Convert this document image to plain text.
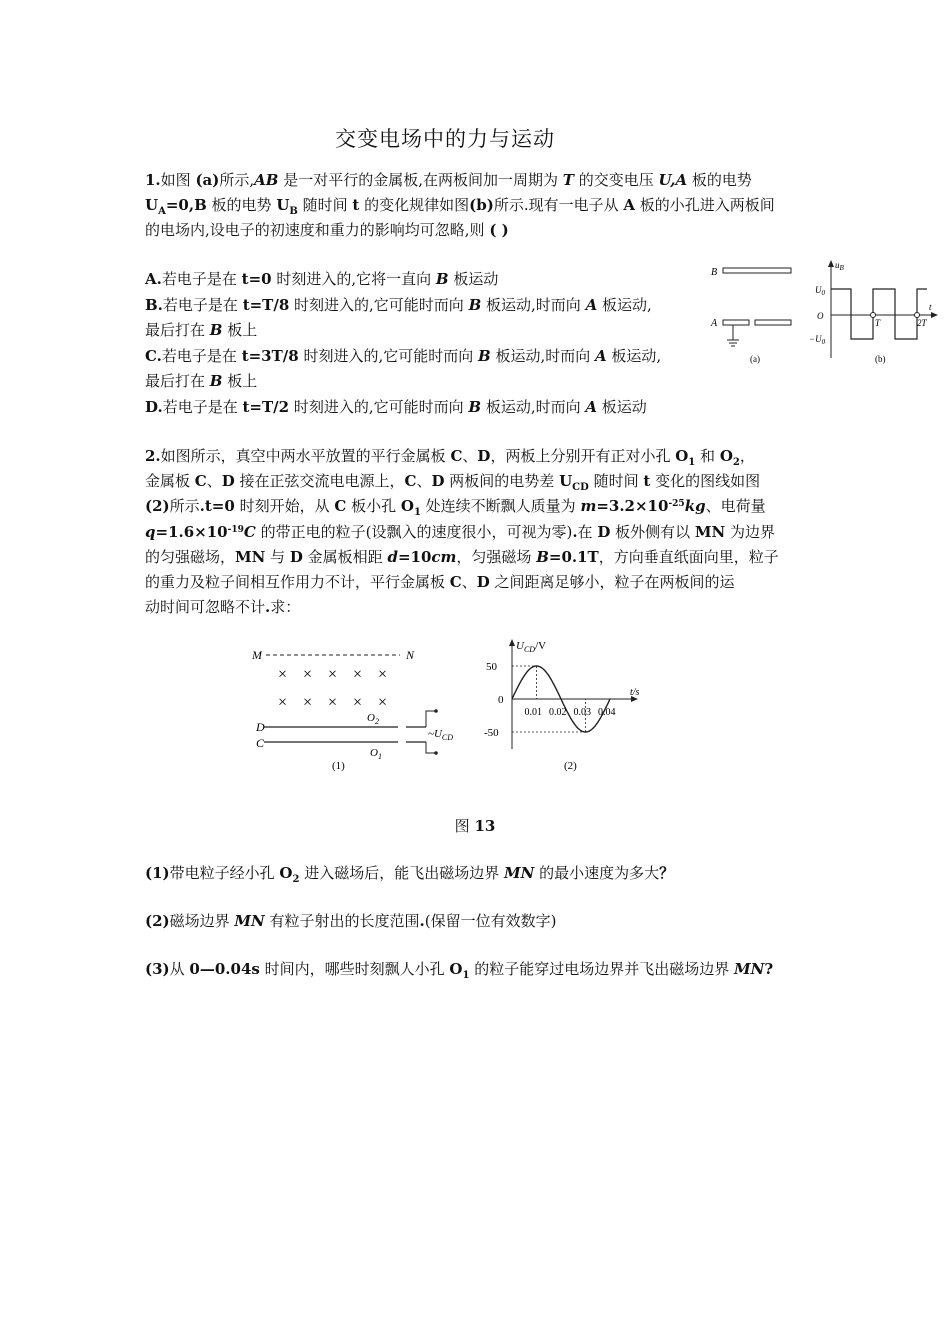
交变电场中的力与运动

1.如图 (a)所示,AB 是一对平行的金属板,在两板间加一周期为 T 的交变电压 U,A 板的电势
$U_A=0,B$ 板的电势 $U_B$ 随时间 t 的变化规律如图(b)所示.现有一电子从 A 板的小孔进入两板间
的电场内,设电子的初速度和重力的影响均可忽略,则 ( )

A.若电子是在 t=0 时刻进入的,它将一直向 B 板运动
B.若电子是在 t=T/8 时刻进入的,它可能时而向 B 板运动,时而向 A 板运动,
最后打在 B 板上
C.若电子是在 t=3T/8 时刻进入的,它可能时而向 B 板运动,时而向 A 板运动,
最后打在 B 板上
D.若电子是在 t=T/2 时刻进入的,它可能时而向 B 板运动,时而向 A 板运动
B
A
(a)
$u_B$
t
$U_0$
O
$-U_0$
T	2T
(b)

2.如图所示，真空中两水平放置的平行金属板 C、D，两板上分别开有正对小孔 $O_1$ 和 $O_2$，
金属板 C、D 接在正弦交流电电源上，C、D 两板间的电势差 $U_{CD}$ 随时间 t 变化的图线如图
(2)所示.t=0 时刻开始，从 C 板小孔 $O_1$ 处连续不断飘人质量为 $m=3.2\times 10^{-25}kg$、电荷量
$q=1.6\times 10^{-19}C$ 的带正电的粒子(设飘入的速度很小，可视为零).在 D 板外侧有以 MN 为边界
的匀强磁场，MN 与 D 金属板相距 d=10cm，匀强磁场 B=0.1T，方向垂直纸面向里，粒子
的重力及粒子间相互作用力不计，平行金属板 C、D 之间距离足够小，粒子在两板间的运
动时间可忽略不计.求：

M	N
× × × × ×
× × × × ×
D
C
$O_2$
$O_1$
$\sim U_{CD}$
(1)
$U_{CD}/V$
50
0
-50
0.01 0.02 0.03 0.04
t/s
(2)
图 13
(1)带电粒子经小孔 $O_2$ 进入磁场后，能飞出磁场边界 MN 的最小速度为多大？
(2)磁场边界 MN 有粒子射出的长度范围.(保留一位有效数字)
(3)从 0—0.04s 时间内，哪些时刻飘人小孔 $O_1$ 的粒子能穿过电场边界并飞出磁场边界 MN?
